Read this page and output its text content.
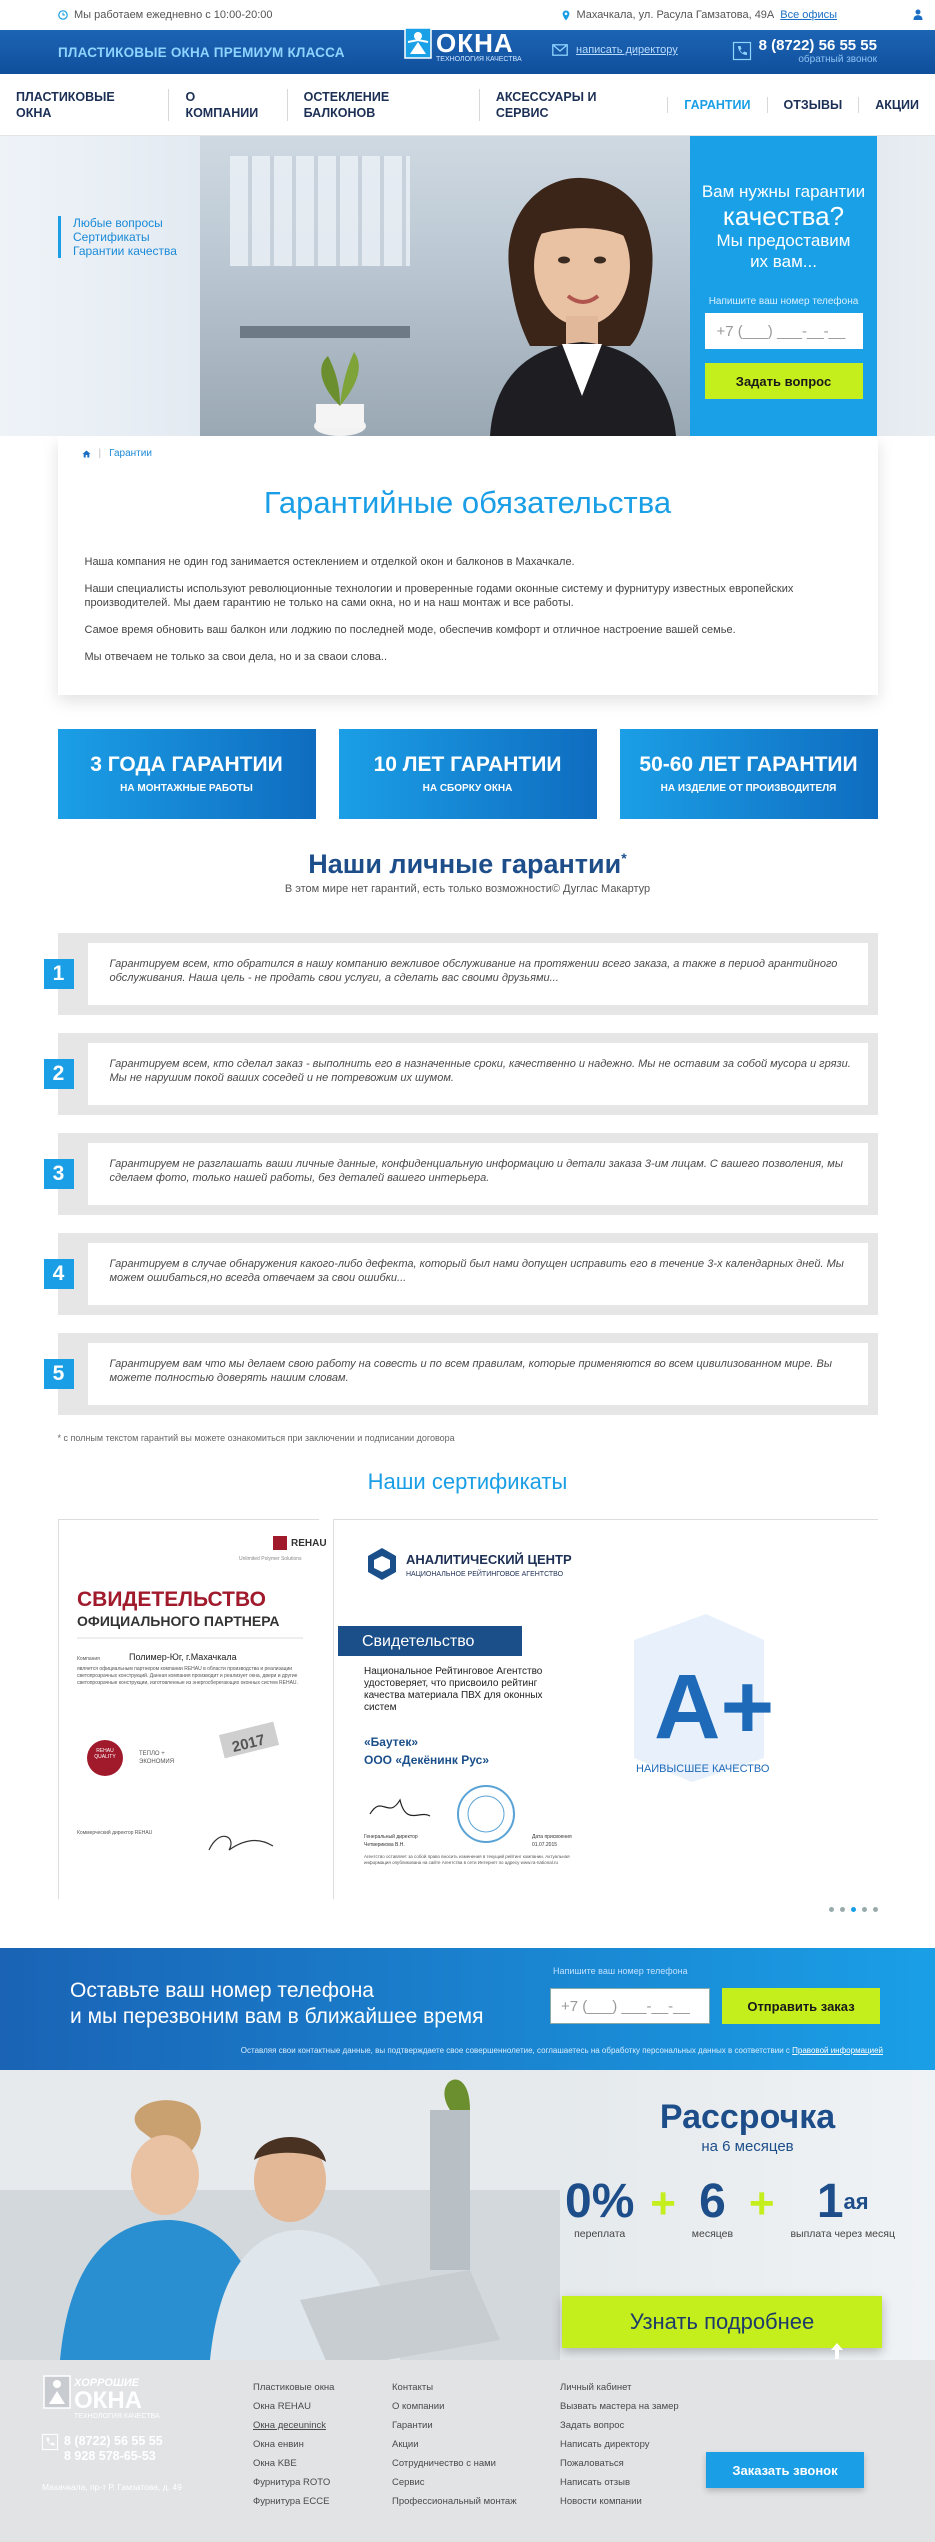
Мы работаем ежедневно с 10:00-20:00	Махачкала, ул. Расула Гамзатова, 49А Все офисы
ПЛАСТИКОВЫЕ ОКНА ПРЕМИУМ КЛАССА
ХОРРОШИЕ
ОКНА
ТЕХНОЛОГИЯ КАЧЕСТВА
написать директору	8 (8722) 56 55 55
обратный звонок
ПЛАСТИКОВЫЕ ОКНА
О КОМПАНИИ
ОСТЕКЛЕНИЕ БАЛКОНОВ
АКСЕССУАРЫ И СЕРВИС
ГАРАНТИИ	ОТЗЫВЫ	АКЦИИ
Любые вопросы
Сертификаты
Гарантии качества
Вам нужны гарантии
качества?
Мы предоставим
их вам...
Напишите ваш номер телефона
+7 (___) ___-__-__
Задать вопрос
| Гарантии
Гарантийные обязательства

Наша компания не один год занимается остеклением и отделкой окон и балконов в Махачкале.

Наши специалисты используют революционные технологии и проверенные годами оконные систему и фурнитуру известных европейских производителей. Мы даем гарантию не только на сами окна, но и на наш монтаж и все работы.

Самое время обновить ваш балкон или лоджию по последней моде, обеспечив комфорт и отличное настроение вашей семье.

Мы отвечаем не только за свои дела, но и за свaои слова..

3 ГОДА ГАРАНТИИ
НА МОНТАЖНЫЕ РАБОТЫ
10 ЛЕТ ГАРАНТИИ
НА СБОРКУ ОКНА
50-60 ЛЕТ ГАРАНТИИ
НА ИЗДЕЛИЕ ОТ ПРОИЗВОДИТЕЛЯ
Наши личные гарантии*
В этом мире нет гарантий, есть только возможности© Дуглас Макартур
1	Гарантируем всем, кто обратился в нашу компанию вежливое обслуживание на протяжении всего заказа, а также в период арантийного обслуживания. Наша цель - не продать свои услуги, а сделать вас своими друзьями...
2	Гарантируем всем, кто сделал заказ - выполнить его в назначенные сроки, качественно и надежно. Мы не оставим за собой мусора и грязи. Мы не нарушим покой ваших соседей и не потревожим их шумом.
3	Гарантируем не разглашать ваши личные данные, конфиденциальную информацию и детали заказа 3-им лицам. С вашего позволения, мы сделаем фото, только нашей работы, без деталей вашего интерьера.
4	Гарантируем в случае обнаружения какого-либо дефекта, который был нами допущен исправить его в течение 3-х календарных дней. Мы можем ошибаться,но всегда отвечаем за свои ошибки...
5	Гарантируем вам что мы делаем свою работу на совесть и по всем правилам, которые применяются во всем цивилизованном мире. Вы можете полностью доверять нашим словам.
* с полным текстом гарантий вы можете ознакомиться при заключении и подписании договора
Наши сертификаты
REHAU
Unlimited Polymer Solutions
СВИДЕТЕЛЬСТВО
ОФИЦИАЛЬНОГО ПАРТНЕРА
Компания	Полимер-Юг, г.Махачкала
является официальным партнером компании REHAU в области производства и реализации светопрозрачных конструкций. Данная компания производит и реализует окна, двери и другие светопрозрачные конструкции, изготовленные из энергосберегающих оконных систем REHAU.
REHAU QUALITY	ТЕПЛО + ЭКОНОМИЯ
2017
Коммерческий директор REHAU
АНАЛИТИЧЕСКИЙ ЦЕНТР
НАЦИОНАЛЬНОЕ РЕЙТИНГОВОЕ АГЕНТСТВО
Свидетельство
Национальное Рейтинговое Агентство удостоверяет, что присвоило рейтинг качества материала ПВХ для оконных систем
«Баутек»
ООО «Декёнинк Рус»
A+
НАИВЫСШЕЕ КАЧЕСТВО
Генеральный директор
Четверикова В.Н.
Дата присвоения
01.07.2015
Агентство оставляет за собой право вносить изменения в текущий рейтинг компании. Актуальная информация опубликована на сайте Агентства в сети Интернет по адресу www.ra-national.ru
Оставьте ваш номер телефона
и мы перезвоним вам в ближайшее время
Напишите ваш номер телефона
+7 (___) ___-__-__	Отправить заказ
Оставляя свои контактные данные, вы подтверждаете свое совершеннолетие, соглашаетесь на обработку персональных данных в соответствии с Правовой информацией
Рассрочка
на 6 месяцев
0%
переплата
+ 6
месяцев
+ $1^{ая}$
выплата через месяц
Узнать подробнее
ХОРРОШИЕ
ОКНА
ТЕХНОЛОГИЯ КАЧЕСТВА
8 (8722) 56 55 55
8 928 578-65-53
Махачкала, пр-т Р. Гамзатова, д. 49
Пластиковые окна
Окна REHAU
Окна деceuninck
Окна енвин
Окна KBE
Фурнитура ROTO
Фурнитура ECCE
Контакты
О компании
Гарантии
Акции
Сотрудничество с нами
Сервис
Профессиональный монтаж
Личный кабинет
Вызвать мастера на замер
Задать вопрос
Написать директору
Пожаловаться
Написать отзыв
Новости компании
Заказать звонок
